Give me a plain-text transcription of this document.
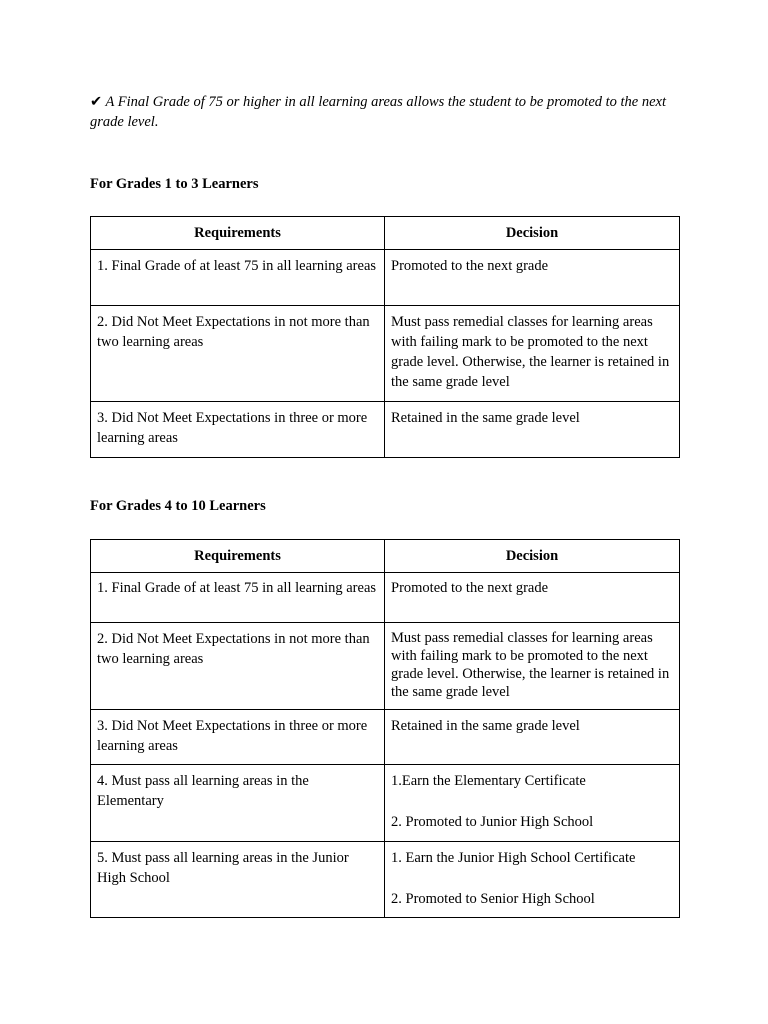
✔ A Final Grade of 75 or higher in all learning areas allows the student to be promoted to the next grade level.
For Grades 1 to 3 Learners
Requirements	Decision
1. Final Grade of at least 75 in all learning areas	Promoted to the next grade
2. Did Not Meet Expectations in not more than two learning areas	Must pass remedial classes for learning areas with failing mark to be promoted to the next grade level. Otherwise, the learner is retained in the same grade level
3. Did Not Meet Expectations in three or more learning areas	Retained in the same grade level
For Grades 4 to 10 Learners
Requirements	Decision
1. Final Grade of at least 75 in all learning areas	Promoted to the next grade
2. Did Not Meet Expectations in not more than two learning areas	Must pass remedial classes for learning areas with failing mark to be promoted to the next grade level. Otherwise, the learner is retained in the same grade level
3. Did Not Meet Expectations in three or more learning areas	Retained in the same grade level
4. Must pass all learning areas in the Elementary	1.Earn the Elementary Certificate
2. Promoted to Junior High School

5. Must pass all learning areas in the Junior High School	1. Earn the Junior High School Certificate
2. Promoted to Senior High School
